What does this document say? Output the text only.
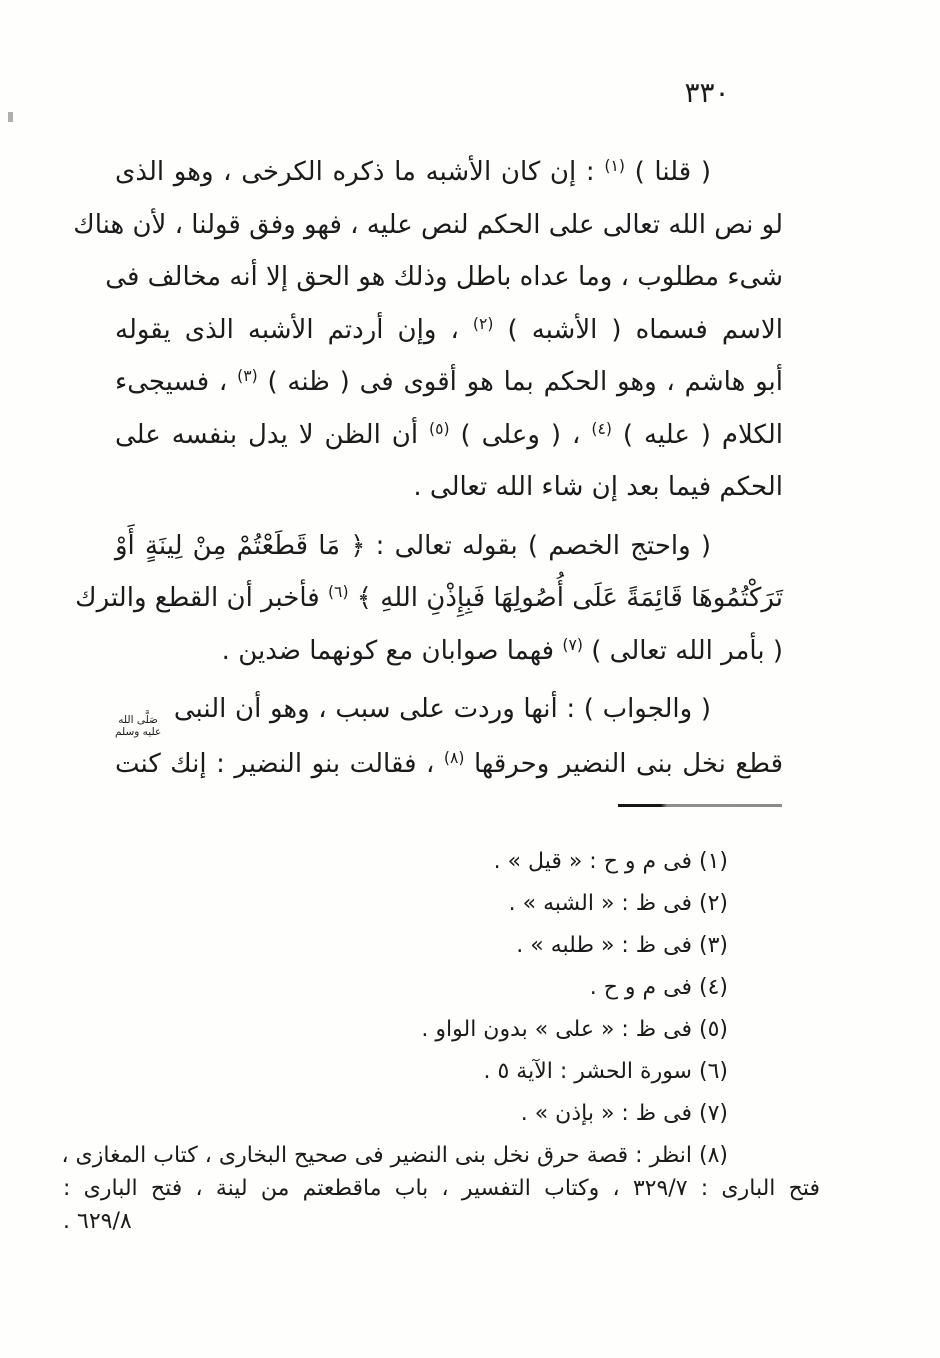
٣٣٠
( قلنا ) $^{(١)}$ : إن كان الأشبه ما ذكره الكرخى ، وهو الذى
لو نص الله تعالى على الحكم لنص عليه ، فهو وفق قولنا ، لأن هناك
شىء مطلوب ، وما عداه باطل وذلك هو الحق إلا أنه مخالف فى
الاسم فسماه ( الأشبه ) $^{(٢)}$ ، وإن أردتم الأشبه الذى يقوله
أبو هاشم ، وهو الحكم بما هو أقوى فى ( ظنه ) $^{(٣)}$ ، فسيجىء
الكلام ( عليه ) $^{(٤)}$ ، ( وعلى ) $^{(٥)}$ أن الظن لا يدل بنفسه على
الحكم فيما بعد إن شاء الله تعالى .
( واحتج الخصم ) بقوله تعالى : ﴿ مَا قَطَعْتُمْ مِنْ لِينَةٍ أَوْ
تَرَكْتُمُوهَا قَائِمَةً عَلَى أُصُولِهَا فَبِإِذْنِ اللهِ ﴾ $^{(٦)}$ فأخبر أن القطع والترك
( بأمر الله تعالى ) $^{(٧)}$ فهما صوابان مع كونهما ضدين .
( والجواب ) : أنها وردت على سبب ، وهو أن النبى
صَلَّى الله
عليه وسلم
قطع نخل بنى النضير وحرقها $^{(٨)}$ ، فقالت بنو النضير : إنك كنت
(١) فى م و ح : « قيل » .
(٢) فى ظ : « الشبه » .
(٣) فى ظ : « طلبه » .
(٤) فى م و ح .
(٥) فى ظ : « على » بدون الواو .
(٦) سورة الحشر : الآية ٥ .
(٧) فى ظ : « بإذن » .
(٨) انظر : قصة حرق نخل بنى النضير فى صحيح البخارى ، كتاب المغازى ،
فتح البارى : ٣٢٩/٧ ، وكتاب التفسير ، باب ماقطعتم من لينة ، فتح البارى :
٦٢٩/٨ .
